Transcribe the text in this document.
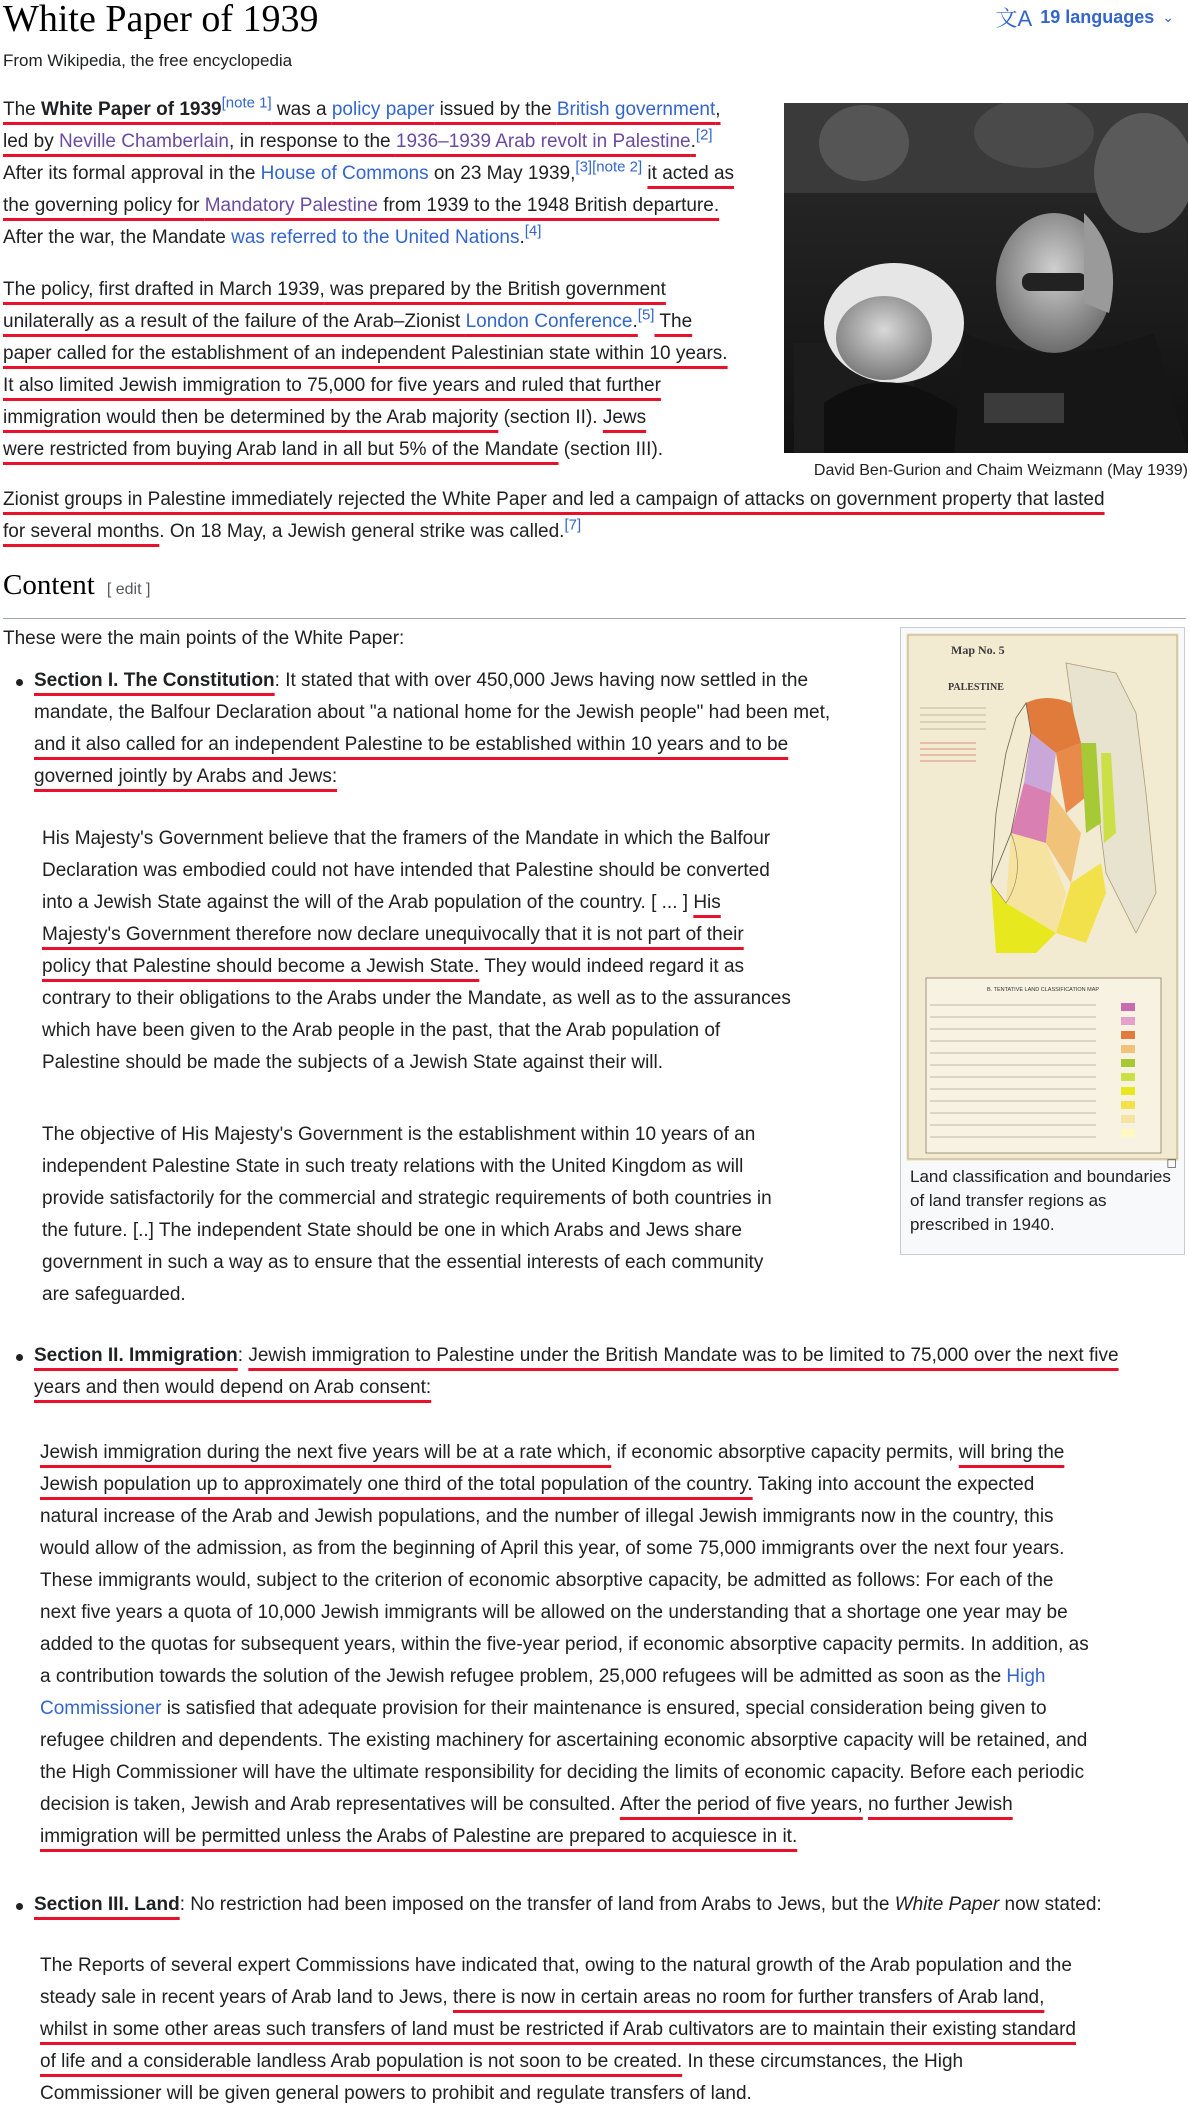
White Paper of 1939	文A 19 languages ⌄

From Wikipedia, the free encyclopedia

The White Paper of 1939[note 1] was a policy paper issued by the British government,
led by Neville Chamberlain, in response to the 1936–1939 Arab revolt in Palestine.[2]
After its formal approval in the House of Commons on 23 May 1939,[3][note 2] it acted as
the governing policy for Mandatory Palestine from 1939 to the 1948 British departure.
After the war, the Mandate was referred to the United Nations.[4]

The policy, first drafted in March 1939, was prepared by the British government
unilaterally as a result of the failure of the Arab–Zionist London Conference.[5] The
paper called for the establishment of an independent Palestinian state within 10 years.
It also limited Jewish immigration to 75,000 for five years and ruled that further
immigration would then be determined by the Arab majority (section II). Jews
were restricted from buying Arab land in all but 5% of the Mandate (section III).

David Ben-Gurion and Chaim Weizmann (May 1939)

Zionist groups in Palestine immediately rejected the White Paper and led a campaign of attacks on government property that lasted
for several months. On 18 May, a Jewish general strike was called.[7]

Content [ edit ]

These were the main points of the White Paper:

Map No. 5
PALESTINE
B. TENTATIVE LAND CLASSIFICATION MAP
◻
Land classification and boundaries of land transfer regions as prescribed in 1940.

Section I. The Constitution: It stated that with over 450,000 Jews having now settled in the
mandate, the Balfour Declaration about "a national home for the Jewish people" had been met,
and it also called for an independent Palestine to be established within 10 years and to be
governed jointly by Arabs and Jews:

His Majesty's Government believe that the framers of the Mandate in which the Balfour
Declaration was embodied could not have intended that Palestine should be converted
into a Jewish State against the will of the Arab population of the country. [ ... ] His
Majesty's Government therefore now declare unequivocally that it is not part of their
policy that Palestine should become a Jewish State. They would indeed regard it as
contrary to their obligations to the Arabs under the Mandate, as well as to the assurances
which have been given to the Arab people in the past, that the Arab population of
Palestine should be made the subjects of a Jewish State against their will.

The objective of His Majesty's Government is the establishment within 10 years of an
independent Palestine State in such treaty relations with the United Kingdom as will
provide satisfactorily for the commercial and strategic requirements of both countries in
the future. [..] The independent State should be one in which Arabs and Jews share
government in such a way as to ensure that the essential interests of each community
are safeguarded.

Section II. Immigration: Jewish immigration to Palestine under the British Mandate was to be limited to 75,000 over the next five
years and then would depend on Arab consent:

Jewish immigration during the next five years will be at a rate which, if economic absorptive capacity permits, will bring the
Jewish population up to approximately one third of the total population of the country. Taking into account the expected
natural increase of the Arab and Jewish populations, and the number of illegal Jewish immigrants now in the country, this
would allow of the admission, as from the beginning of April this year, of some 75,000 immigrants over the next four years.
These immigrants would, subject to the criterion of economic absorptive capacity, be admitted as follows: For each of the
next five years a quota of 10,000 Jewish immigrants will be allowed on the understanding that a shortage one year may be
added to the quotas for subsequent years, within the five-year period, if economic absorptive capacity permits. In addition, as
a contribution towards the solution of the Jewish refugee problem, 25,000 refugees will be admitted as soon as the High
Commissioner is satisfied that adequate provision for their maintenance is ensured, special consideration being given to
refugee children and dependents. The existing machinery for ascertaining economic absorptive capacity will be retained, and
the High Commissioner will have the ultimate responsibility for deciding the limits of economic capacity. Before each periodic
decision is taken, Jewish and Arab representatives will be consulted. After the period of five years, no further Jewish
immigration will be permitted unless the Arabs of Palestine are prepared to acquiesce in it.

Section III. Land: No restriction had been imposed on the transfer of land from Arabs to Jews, but the White Paper now stated:

The Reports of several expert Commissions have indicated that, owing to the natural growth of the Arab population and the
steady sale in recent years of Arab land to Jews, there is now in certain areas no room for further transfers of Arab land,
whilst in some other areas such transfers of land must be restricted if Arab cultivators are to maintain their existing standard
of life and a considerable landless Arab population is not soon to be created. In these circumstances, the High
Commissioner will be given general powers to prohibit and regulate transfers of land.
